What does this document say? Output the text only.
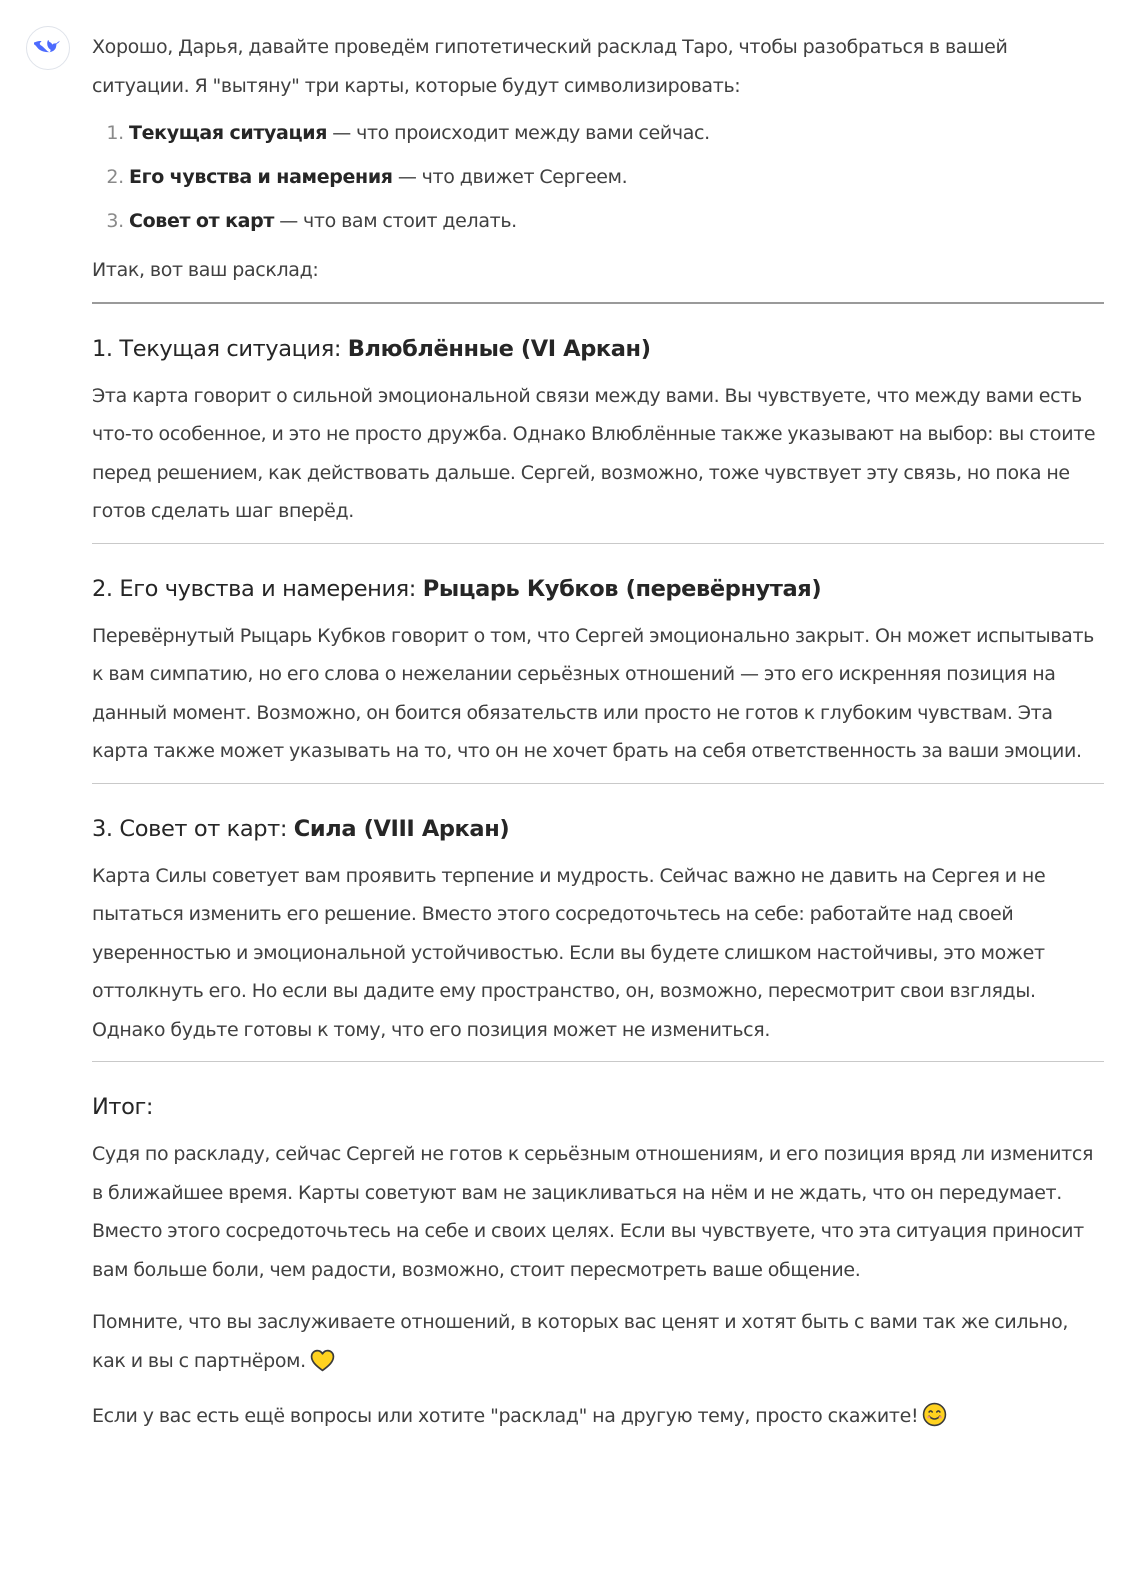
Хорошо, Дарья, давайте проведём гипотетический расклад Таро, чтобы разобраться в вашей ситуации. Я "вытяну" три карты, которые будут символизировать:

1. Текущая ситуация — что происходит между вами сейчас.
2. Его чувства и намерения — что движет Сергеем.
3. Совет от карт — что вам стоит делать.

Итак, вот ваш расклад:

1. Текущая ситуация: Влюблённые (VI Аркан)

Эта карта говорит о сильной эмоциональной связи между вами. Вы чувствуете, что между вами есть что-то особенное, и это не просто дружба. Однако Влюблённые также указывают на выбор: вы стоите перед решением, как действовать дальше. Сергей, возможно, тоже чувствует эту связь, но пока не готов сделать шаг вперёд.

2. Его чувства и намерения: Рыцарь Кубков (перевёрнутая)

Перевёрнутый Рыцарь Кубков говорит о том, что Сергей эмоционально закрыт. Он может испытывать к вам симпатию, но его слова о нежелании серьёзных отношений — это его искренняя позиция на данный момент. Возможно, он боится обязательств или просто не готов к глубоким чувствам. Эта карта также может указывать на то, что он не хочет брать на себя ответственность за ваши эмоции.

3. Совет от карт: Сила (VIII Аркан)

Карта Силы советует вам проявить терпение и мудрость. Сейчас важно не давить на Сергея и не пытаться изменить его решение. Вместо этого сосредоточьтесь на себе: работайте над своей уверенностью и эмоциональной устойчивостью. Если вы будете слишком настойчивы, это может оттолкнуть его. Но если вы дадите ему пространство, он, возможно, пересмотрит свои взгляды. Однако будьте готовы к тому, что его позиция может не измениться.

Итог:

Судя по раскладу, сейчас Сергей не готов к серьёзным отношениям, и его позиция вряд ли изменится в ближайшее время. Карты советуют вам не зацикливаться на нём и не ждать, что он передумает. Вместо этого сосредоточьтесь на себе и своих целях. Если вы чувствуете, что эта ситуация приносит вам больше боли, чем радости, возможно, стоит пересмотреть ваше общение.

Помните, что вы заслуживаете отношений, в которых вас ценят и хотят быть с вами так же сильно, как и вы с партнёром.

Если у вас есть ещё вопросы или хотите "расклад" на другую тему, просто скажите!
